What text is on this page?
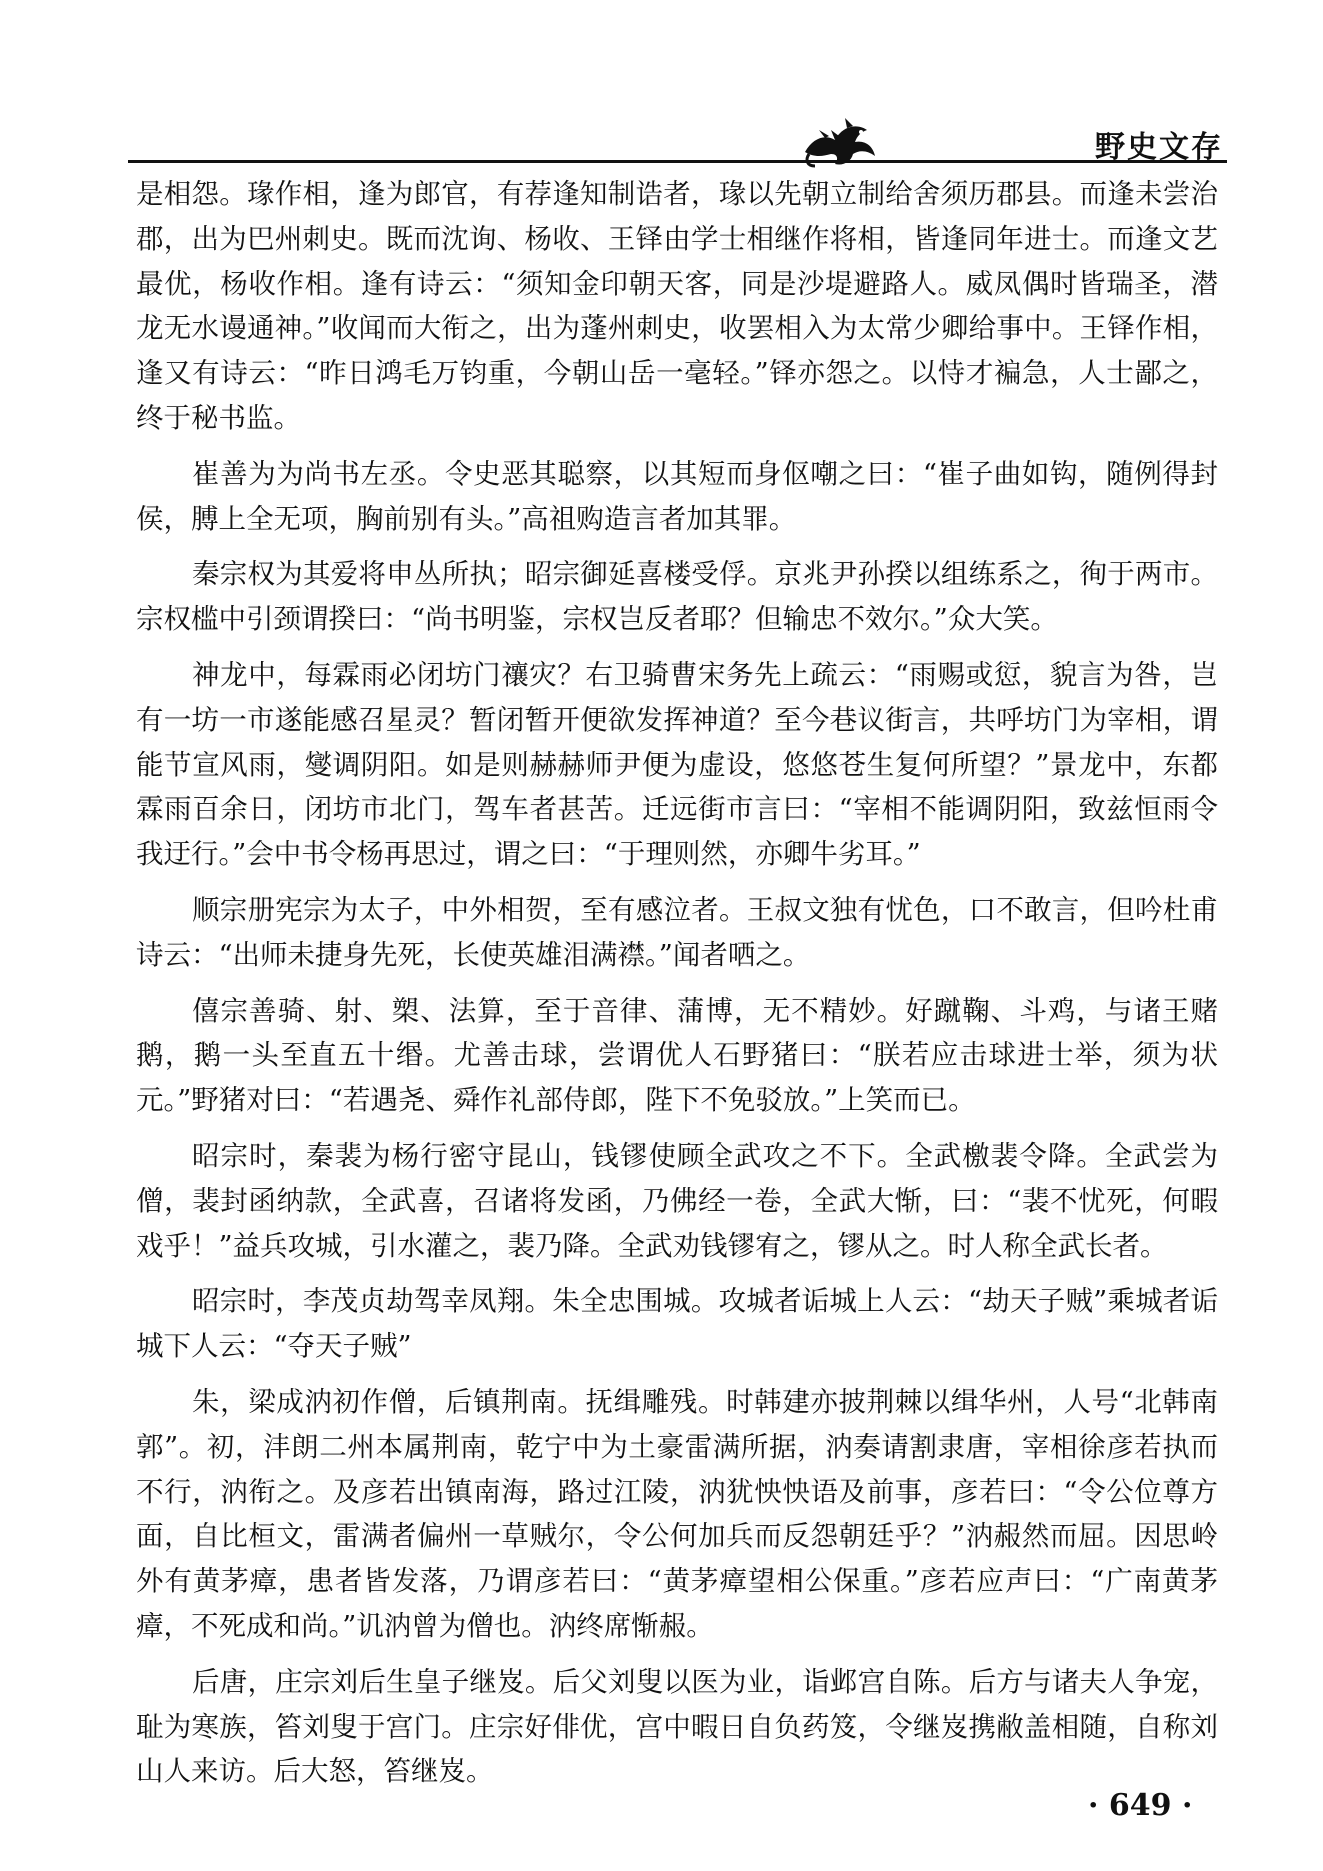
野史文存

是相怨。瑑作相，逢为郎官，有荐逢知制诰者，瑑以先朝立制给舍须历郡县。而逢未尝治郡，出为巴州刺史。既而沈询、杨收、王铎由学士相继作将相，皆逢同年进士。而逢文艺最优，杨收作相。逢有诗云：“须知金印朝天客，同是沙堤避路人。威凤偶时皆瑞圣，潜龙无水谩通神。”收闻而大衔之，出为蓬州刺史，收罢相入为太常少卿给事中。王铎作相，逢又有诗云：“昨日鸿毛万钧重，今朝山岳一毫轻。”铎亦怨之。以恃才褊急，人士鄙之，终于秘书监。

崔善为为尚书左丞。令史恶其聪察，以其短而身伛嘲之曰：“崔子曲如钩，随例得封侯，膊上全无项，胸前别有头。”高祖购造言者加其罪。

秦宗权为其爱将申丛所执；昭宗御延喜楼受俘。京兆尹孙揆以组练系之，徇于两市。宗权槛中引颈谓揆曰：“尚书明鉴，宗权岂反者耶？但输忠不效尔。”众大笑。

神龙中，每霖雨必闭坊门禳灾？右卫骑曹宋务先上疏云：“雨赐或愆，貌言为咎，岂有一坊一市遂能感召星灵？暂闭暂开便欲发挥神道？至今巷议街言，共呼坊门为宰相，谓能节宣风雨，燮调阴阳。如是则赫赫师尹便为虚设，悠悠苍生复何所望？”景龙中，东都霖雨百余日，闭坊市北门，驾车者甚苦。迁远街市言曰：“宰相不能调阴阳，致兹恒雨令我迂行。”会中书令杨再思过，谓之曰：“于理则然，亦卿牛劣耳。”

顺宗册宪宗为太子，中外相贺，至有感泣者。王叔文独有忧色，口不敢言，但吟杜甫诗云：“出师未捷身先死，长使英雄泪满襟。”闻者哂之。

僖宗善骑、射、槊、法算，至于音律、蒲博，无不精妙。好蹴鞠、斗鸡，与诸王赌鹅，鹅一头至直五十缗。尤善击球，尝谓优人石野猪曰：“朕若应击球进士举，须为状元。”野猪对曰：“若遇尧、舜作礼部侍郎，陛下不免驳放。”上笑而已。

昭宗时，秦裴为杨行密守昆山，钱镠使顾全武攻之不下。全武檄裴令降。全武尝为僧，裴封函纳款，全武喜，召诸将发函，乃佛经一卷，全武大惭，曰：“裴不忧死，何暇戏乎！”益兵攻城，引水灌之，裴乃降。全武劝钱镠宥之，镠从之。时人称全武长者。

昭宗时，李茂贞劫驾幸凤翔。朱全忠围城。攻城者诟城上人云：“劫天子贼”乘城者诟城下人云：“夺天子贼”

朱，梁成汭初作僧，后镇荆南。抚缉雕残。时韩建亦披荆棘以缉华州，人号“北韩南郭”。初，沣朗二州本属荆南，乾宁中为土豪雷满所据，汭奏请割隶唐，宰相徐彦若执而不行，汭衔之。及彦若出镇南海，路过江陵，汭犹怏怏语及前事，彦若曰：“令公位尊方面，自比桓文，雷满者偏州一草贼尔，令公何加兵而反怨朝廷乎？”汭赧然而屈。因思岭外有黄茅瘴，患者皆发落，乃谓彦若曰：“黄茅瘴望相公保重。”彦若应声曰：“广南黄茅瘴，不死成和尚。”讥汭曾为僧也。汭终席惭赧。

后唐，庄宗刘后生皇子继岌。后父刘叟以医为业，诣邺宫自陈。后方与诸夫人争宠，耻为寒族，笞刘叟于宫门。庄宗好俳优，宫中暇日自负药笈，令继岌携敝盖相随，自称刘山人来访。后大怒，笞继岌。

· 649 ·
